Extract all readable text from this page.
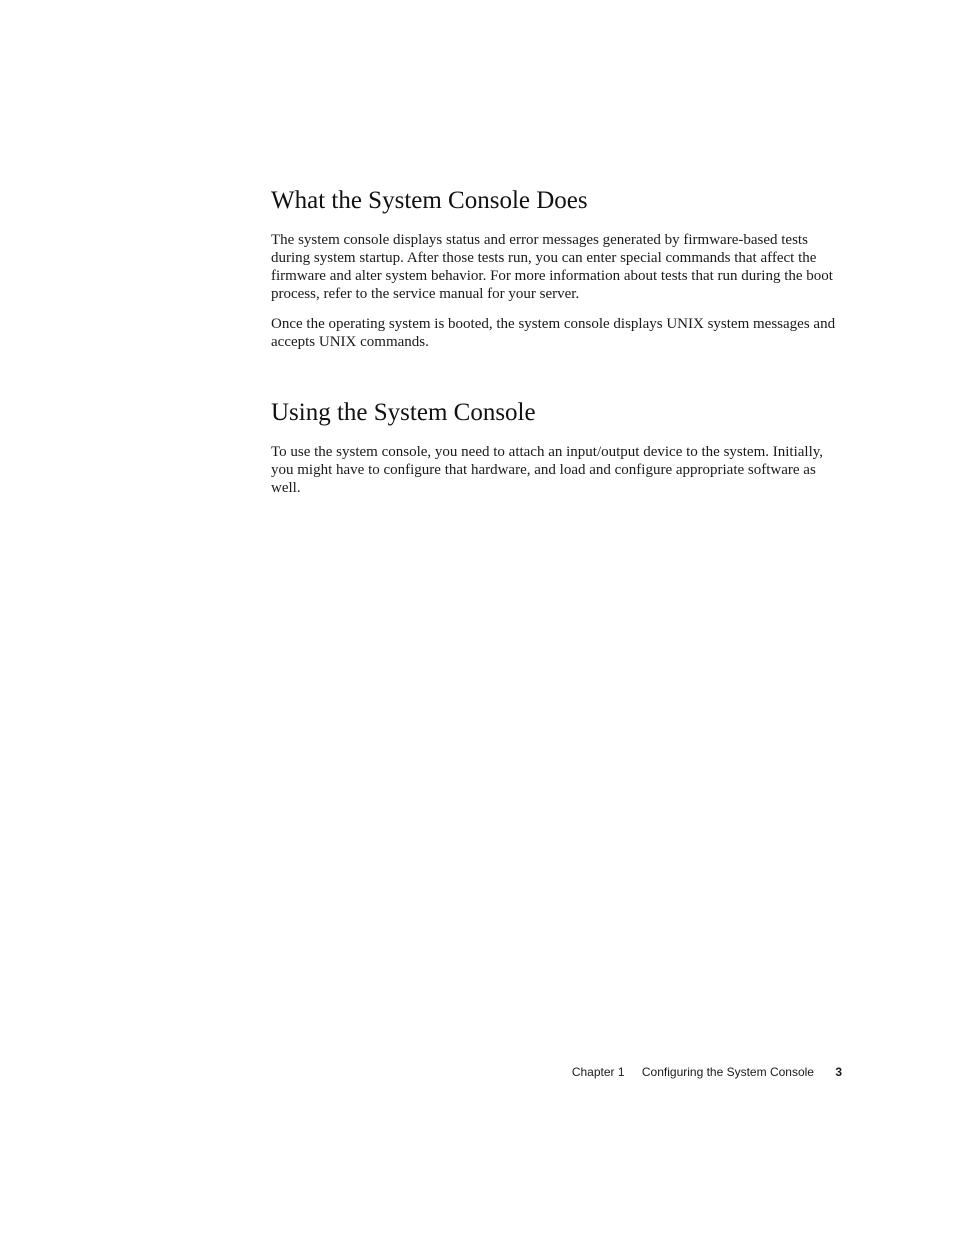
What the System Console Does

The system console displays status and error messages generated by firmware-based tests during system startup. After those tests run, you can enter special commands that affect the firmware and alter system behavior. For more information about tests that run during the boot process, refer to the service manual for your server.

Once the operating system is booted, the system console displays UNIX system messages and accepts UNIX commands.

Using the System Console

To use the system console, you need to attach an input/output device to the system. Initially, you might have to configure that hardware, and load and configure appropriate software as well.

Chapter 1 Configuring the System Console 3
